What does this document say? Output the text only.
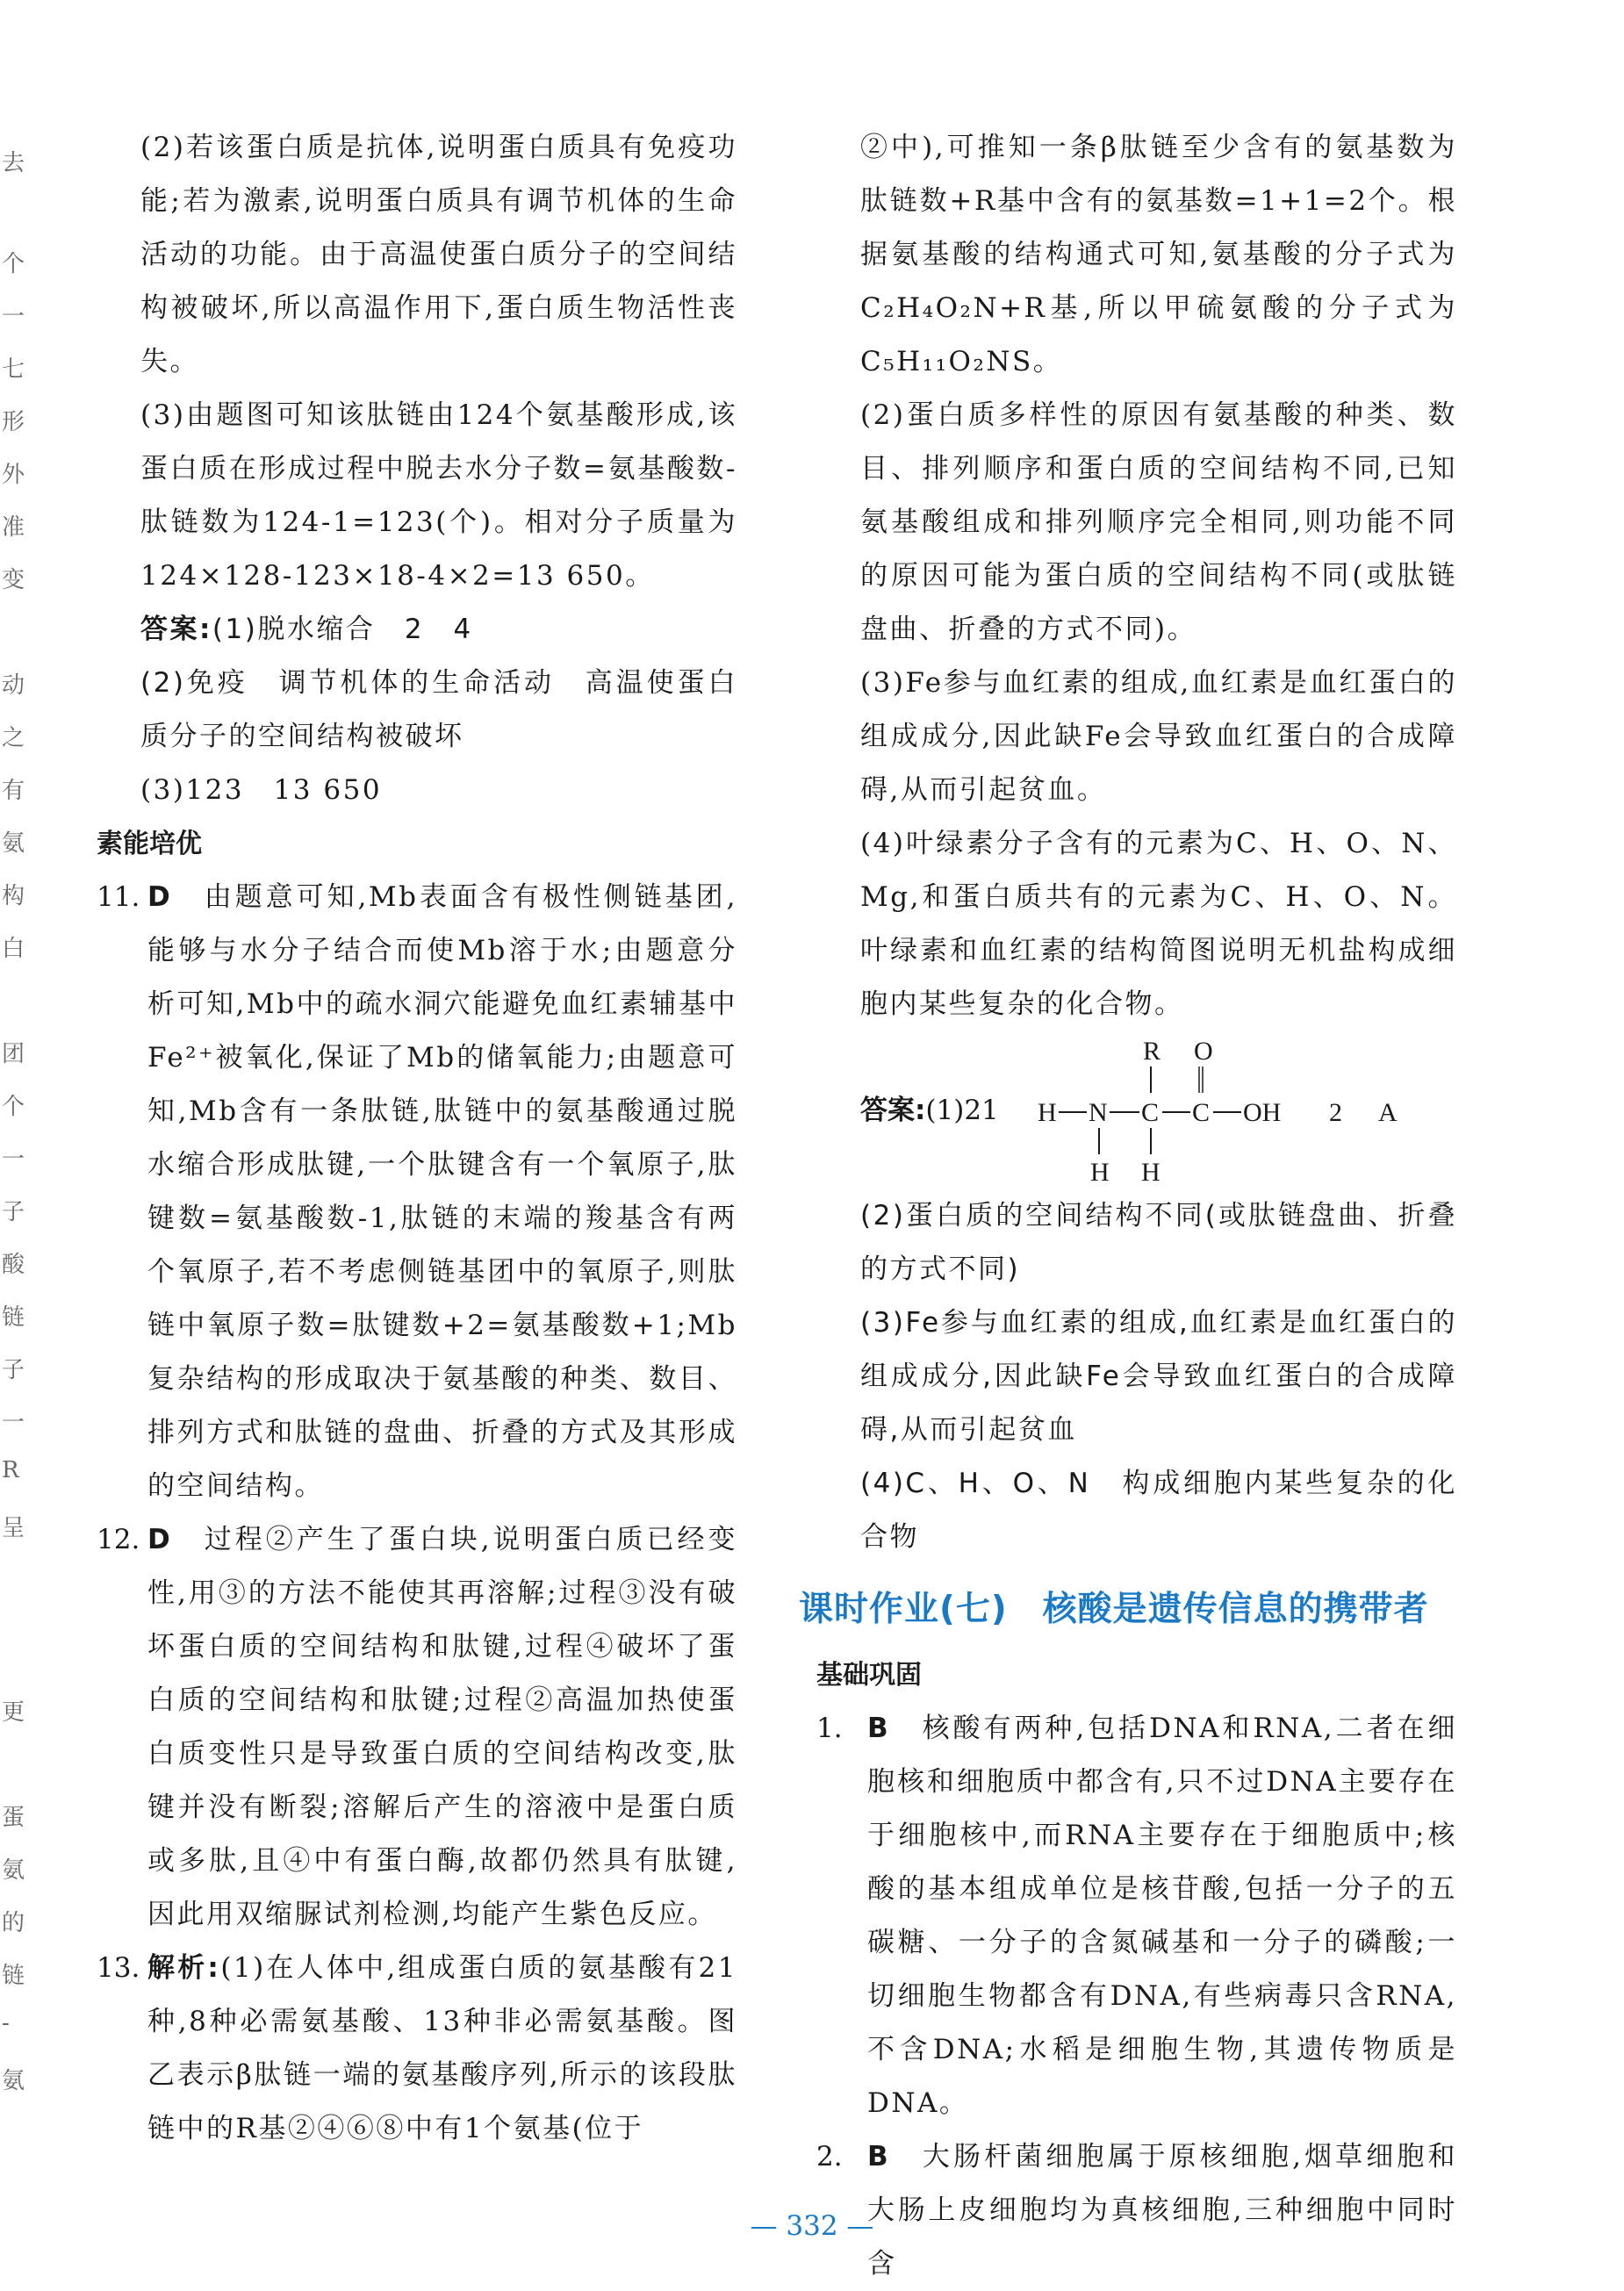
去
个
一
七
形
外
准
变
动
之
有
氨
构
白
团
个
一
子
酸
链
子
一
R
呈
更
蛋
氨
的
链
-
氨

(2)若该蛋白质是抗体,说明蛋白质具有免疫功能;若为激素,说明蛋白质具有调节机体的生命活动的功能。由于高温使蛋白质分子的空间结构被破坏,所以高温作用下,蛋白质生物活性丧失。

(3)由题图可知该肽链由124个氨基酸形成,该蛋白质在形成过程中脱去水分子数=氨基酸数-肽链数为124-1=123(个)。相对分子质量为124×128-123×18-4×2=13 650。

答案:(1)脱水缩合　2　4

(2)免疫　调节机体的生命活动　高温使蛋白质分子的空间结构被破坏

(3)123　13 650

素能培优

11. D　 由题意可知,Mb表面含有极性侧链基团,能够与水分子结合而使Mb溶于水;由题意分析可知,Mb中的疏水洞穴能避免血红素辅基中Fe²⁺被氧化,保证了Mb的储氧能力;由题意可知,Mb含有一条肽链,肽链中的氨基酸通过脱水缩合形成肽键,一个肽键含有一个氧原子,肽键数=氨基酸数-1,肽链的末端的羧基含有两个氧原子,若不考虑侧链基团中的氧原子,则肽链中氧原子数=肽键数+2=氨基酸数+1;Mb复杂结构的形成取决于氨基酸的种类、数目、排列方式和肽链的盘曲、折叠的方式及其形成的空间结构。
12. D　 过程②产生了蛋白块,说明蛋白质已经变性,用③的方法不能使其再溶解;过程③没有破坏蛋白质的空间结构和肽键,过程④破坏了蛋白质的空间结构和肽键;过程②高温加热使蛋白质变性只是导致蛋白质的空间结构改变,肽键并没有断裂;溶解后产生的溶液中是蛋白质或多肽,且④中有蛋白酶,故都仍然具有肽键,因此用双缩脲试剂检测,均能产生紫色反应。
13. 解析:(1)在人体中,组成蛋白质的氨基酸有21种,8种必需氨基酸、13种非必需氨基酸。图乙表示β肽链一端的氨基酸序列,所示的该段肽链中的R基②④⑥⑧中有1个氨基(位于

②中),可推知一条β肽链至少含有的氨基数为肽链数+R基中含有的氨基数=1+1=2个。根据氨基酸的结构通式可知,氨基酸的分子式为C₂H₄O₂N+R基,所以甲硫氨酸的分子式为C₅H₁₁O₂NS。

(2)蛋白质多样性的原因有氨基酸的种类、数目、排列顺序和蛋白质的空间结构不同,已知氨基酸组成和排列顺序完全相同,则功能不同的原因可能为蛋白质的空间结构不同(或肽链盘曲、折叠的方式不同)。

(3)Fe参与血红素的组成,血红素是血红蛋白的组成成分,因此缺Fe会导致血红蛋白的合成障碍,从而引起贫血。

(4)叶绿素分子含有的元素为C、H、O、N、Mg,和蛋白质共有的元素为C、H、O、N。叶绿素和血红素的结构简图说明无机盐构成细胞内某些复杂的化合物。

答案:(1)21
R O
H N C C OH
H H
2 A

(2)蛋白质的空间结构不同(或肽链盘曲、折叠的方式不同)

(3)Fe参与血红素的组成,血红素是血红蛋白的组成成分,因此缺Fe会导致血红蛋白的合成障碍,从而引起贫血

(4)C、H、O、N　构成细胞内某些复杂的化合物

课时作业(七)　核酸是遗传信息的携带者

基础巩固

1. B　 核酸有两种,包括DNA和RNA,二者在细胞核和细胞质中都含有,只不过DNA主要存在于细胞核中,而RNA主要存在于细胞质中;核酸的基本组成单位是核苷酸,包括一分子的五碳糖、一分子的含氮碱基和一分子的磷酸;一切细胞生物都含有DNA,有些病毒只含RNA,不含DNA;水稻是细胞生物,其遗传物质是DNA。
2. B　 大肠杆菌细胞属于原核细胞,烟草细胞和大肠上皮细胞均为真核细胞,三种细胞中同时含
— 332 —
